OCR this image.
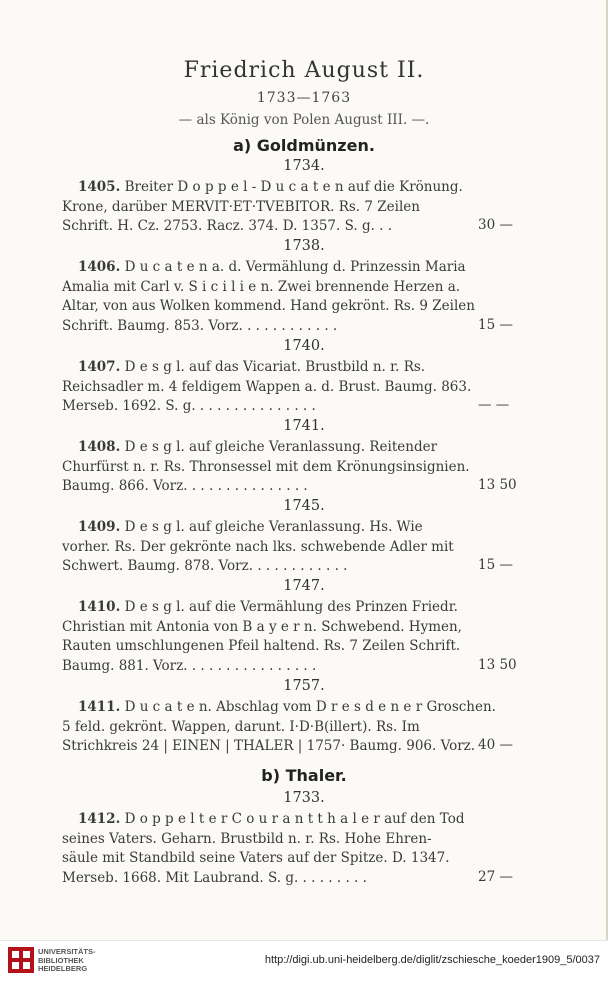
Friedrich August II.
1733—1763
— als König von Polen August III. —.
a) Goldmünzen.
1734.
1405. Breiter D o p p e l - D u c a t e n auf die Krönung.
Krone, darüber MERVIT·ET·TVEBITOR. Rs. 7 Zeilen
Schrift. H. Cz. 2753. Racz. 374. D. 1357. S. g. . .	30 —
1738.
1406. D u c a t e n a. d. Vermählung d. Prinzessin Maria
Amalia mit Carl v. S i c i l i e n. Zwei brennende Herzen a.
Altar, von aus Wolken kommend. Hand gekrönt. Rs. 9 Zeilen
Schrift. Baumg. 853. Vorz. . . . . . . . . . . .	15 —
1740.
1407. D e s g l. auf das Vicariat. Brustbild n. r. Rs.
Reichsadler m. 4 feldigem Wappen a. d. Brust. Baumg. 863.
Merseb. 1692. S. g. . . . . . . . . . . . . . .	— —
1741.
1408. D e s g l. auf gleiche Veranlassung. Reitender
Churfürst n. r. Rs. Thronsessel mit dem Krönungsinsignien.
Baumg. 866. Vorz. . . . . . . . . . . . . . .	13 50
1745.
1409. D e s g l. auf gleiche Veranlassung. Hs. Wie
vorher. Rs. Der gekrönte nach lks. schwebende Adler mit
Schwert. Baumg. 878. Vorz. . . . . . . . . . . .	15 —
1747.
1410. D e s g l. auf die Vermählung des Prinzen Friedr.
Christian mit Antonia von B a y e r n. Schwebend. Hymen,
Rauten umschlungenen Pfeil haltend. Rs. 7 Zeilen Schrift.
Baumg. 881. Vorz. . . . . . . . . . . . . . . .	13 50
1757.
1411. D u c a t e n. Abschlag vom D r e s d e n e r Groschen.
5 feld. gekrönt. Wappen, darunt. I·D·B(illert). Rs. Im
Strichkreis 24 | EINEN | THALER | 1757· Baumg. 906. Vorz. 40 —
b) Thaler.
1733.
1412. D o p p e l t e r C o u r a n t t h a l e r auf den Tod
seines Vaters. Geharn. Brustbild n. r. Rs. Hohe Ehren-
säule mit Standbild seine Vaters auf der Spitze. D. 1347.
Merseb. 1668. Mit Laubrand. S. g. . . . . . . . .	27 —
UNIVERSITÄTS-
BIBLIOTHEK
HEIDELBERG
http://digi.ub.uni-heidelberg.de/diglit/zschiesche_koeder1909_5/0037
